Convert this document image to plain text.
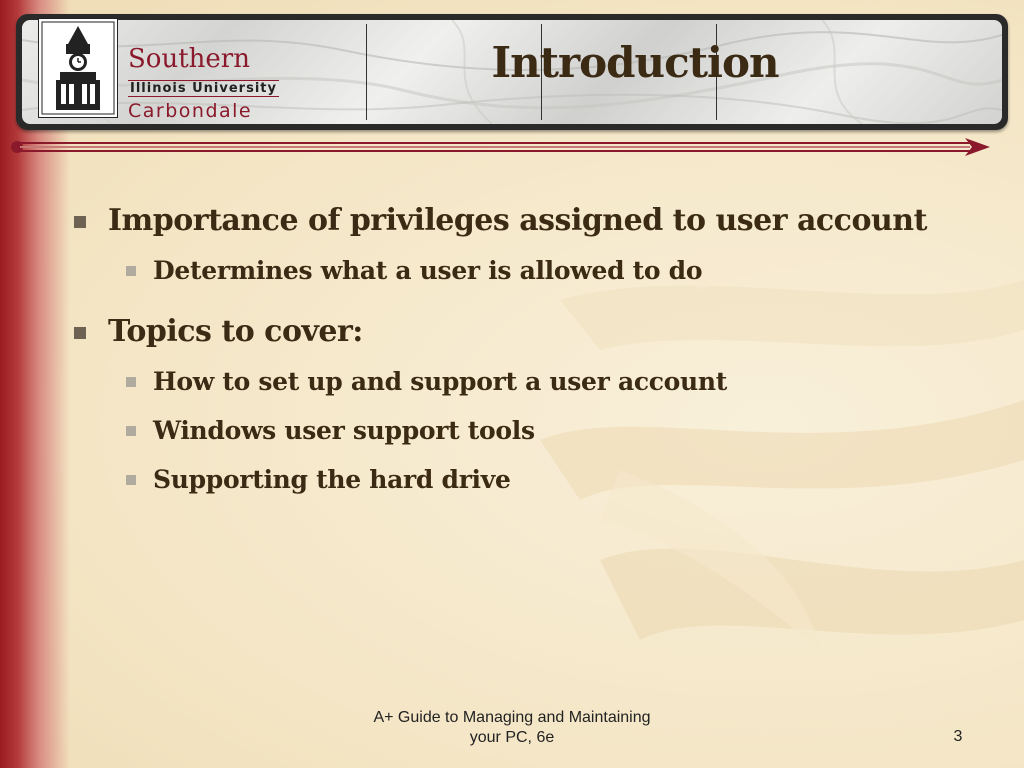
Southern
Illinois University
Carbondale
Introduction
Importance of privileges assigned to user account
Determines what a user is allowed to do
Topics to cover:
How to set up and support a user account
Windows user support tools
Supporting the hard drive
A+ Guide to Managing and Maintaining
your PC, 6e	3
